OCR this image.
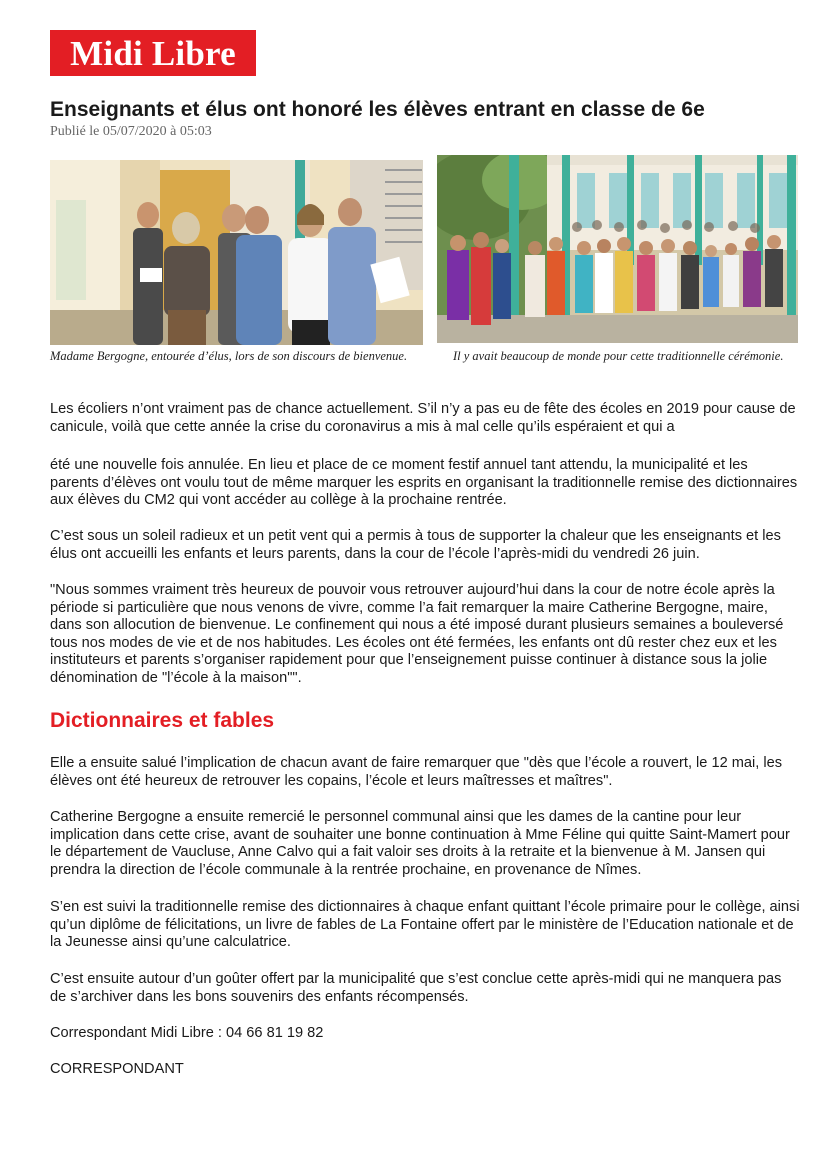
Midi Libre
Enseignants et élus ont honoré les élèves entrant en classe de 6e
Publié le 05/07/2020 à 05:03
Madame Bergogne, entourée d’élus, lors de son discours de bienvenue.	Il y avait beaucoup de monde pour cette traditionnelle cérémonie.

Les écoliers n’ont vraiment pas de chance actuellement. S’il n’y a pas eu de fête des écoles en 2019 pour cause de canicule, voilà que cette année la crise du coronavirus a mis à mal celle qu’ils espéraient et qui a

été une nouvelle fois annulée. En lieu et place de ce moment festif annuel tant attendu, la municipalité et les parents d’élèves ont voulu tout de même marquer les esprits en organisant la traditionnelle remise des dictionnaires aux élèves du CM2 qui vont accéder au collège à la prochaine rentrée.

C’est sous un soleil radieux et un petit vent qui a permis à tous de supporter la chaleur que les enseignants et les élus ont accueilli les enfants et leurs parents, dans la cour de l’école l’après-midi du vendredi 26 juin.

"Nous sommes vraiment très heureux de pouvoir vous retrouver aujourd’hui dans la cour de notre école après la période si particulière que nous venons de vivre, comme l’a fait remarquer la maire Catherine Bergogne, maire, dans son allocution de bienvenue. Le confinement qui nous a été imposé durant plusieurs semaines a bouleversé tous nos modes de vie et de nos habitudes. Les écoles ont été fermées, les enfants ont dû rester chez eux et les instituteurs et parents s’organiser rapidement pour que l’enseignement puisse continuer à distance sous la jolie dénomination de "l’école à la maison"".

Dictionnaires et fables

Elle a ensuite salué l’implication de chacun avant de faire remarquer que "dès que l’école a rouvert, le 12 mai, les élèves ont été heureux de retrouver les copains, l’école et leurs maîtresses et maîtres".

Catherine Bergogne a ensuite remercié le personnel communal ainsi que les dames de la cantine pour leur implication dans cette crise, avant de souhaiter une bonne continuation à Mme Féline qui quitte Saint-Mamert pour le département de Vaucluse, Anne Calvo qui a fait valoir ses droits à la retraite et la bienvenue à M. Jansen qui prendra la direction de l’école communale à la rentrée prochaine, en provenance de Nîmes.

S’en est suivi la traditionnelle remise des dictionnaires à chaque enfant quittant l’école primaire pour le collège, ainsi qu’un diplôme de félicitations, un livre de fables de La Fontaine offert par le ministère de l’Education nationale et de la Jeunesse ainsi qu’une calculatrice.

C’est ensuite autour d’un goûter offert par la municipalité que s’est conclue cette après-midi qui ne manquera pas de s’archiver dans les bons souvenirs des enfants récompensés.

Correspondant Midi Libre : 04 66 81 19 82

CORRESPONDANT
